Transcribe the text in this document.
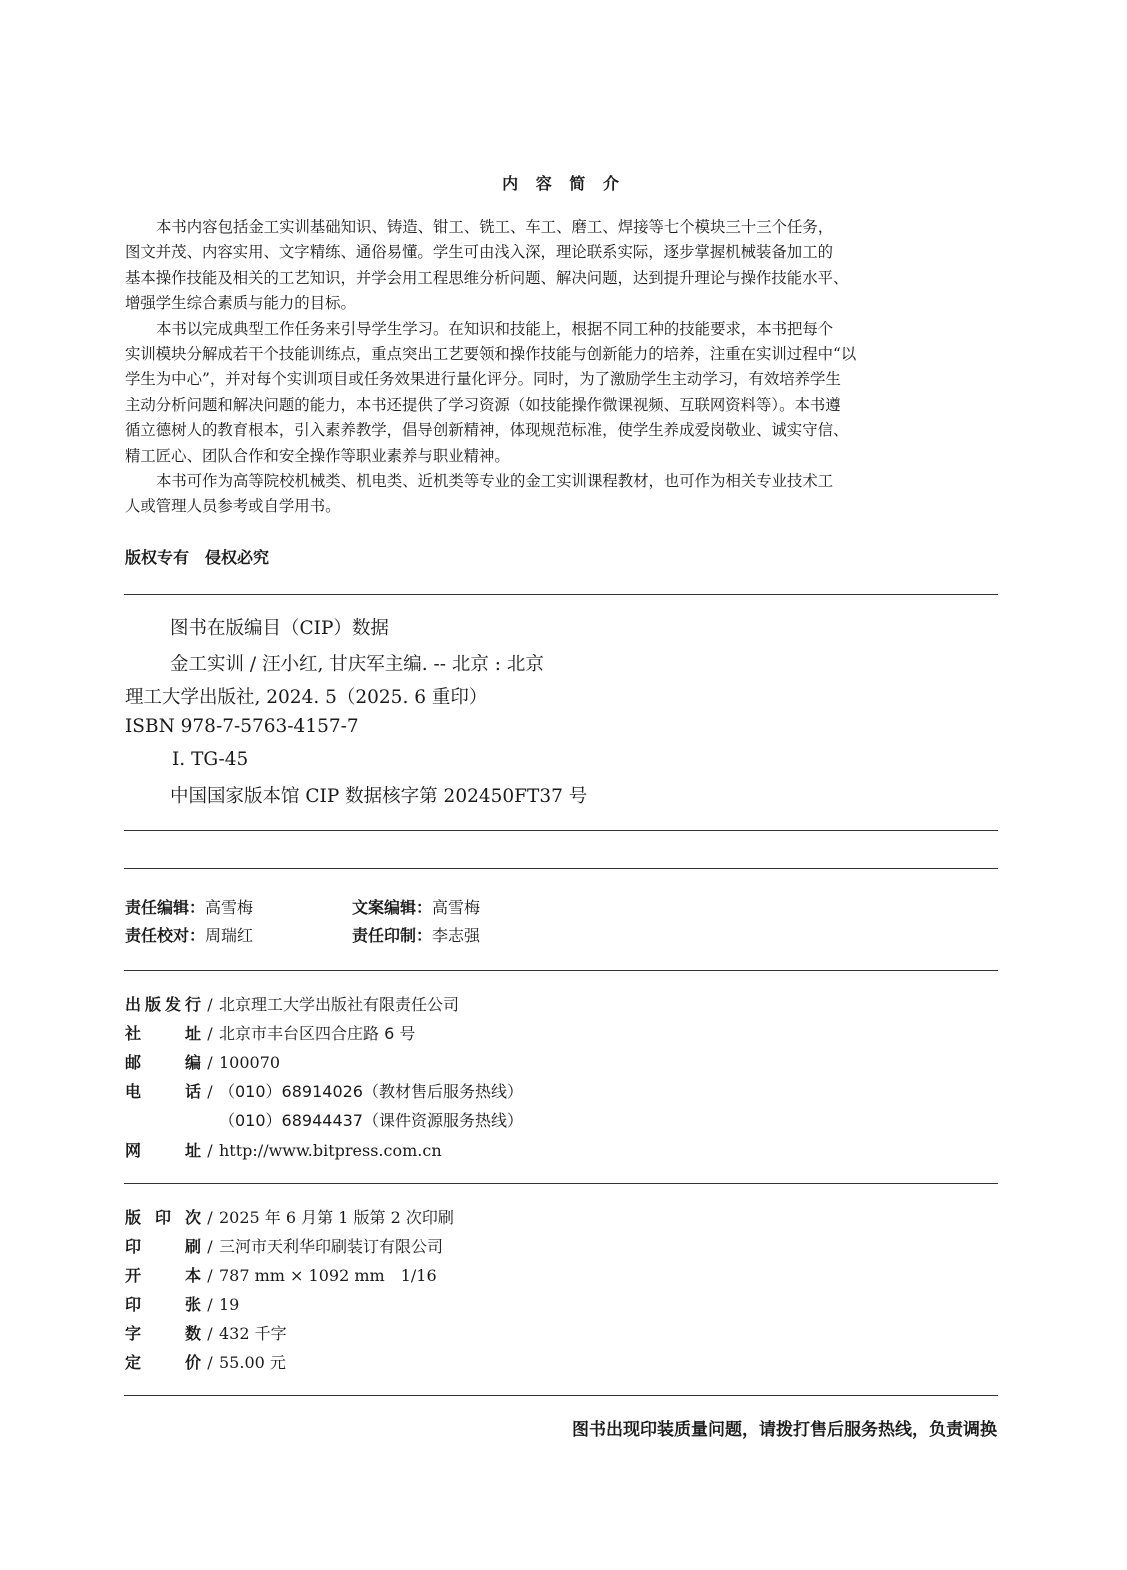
内 容 简 介
本书内容包括金工实训基础知识、铸造、钳工、铣工、车工、磨工、焊接等七个模块三十三个任务，
图文并茂、内容实用、文字精练、通俗易懂。学生可由浅入深，理论联系实际，逐步掌握机械装备加工的
基本操作技能及相关的工艺知识，并学会用工程思维分析问题、解决问题，达到提升理论与操作技能水平、
增强学生综合素质与能力的目标。
本书以完成典型工作任务来引导学生学习。在知识和技能上，根据不同工种的技能要求，本书把每个
实训模块分解成若干个技能训练点，重点突出工艺要领和操作技能与创新能力的培养，注重在实训过程中“以
学生为中心”，并对每个实训项目或任务效果进行量化评分。同时，为了激励学生主动学习，有效培养学生
主动分析问题和解决问题的能力，本书还提供了学习资源（如技能操作微课视频、互联网资料等）。本书遵
循立德树人的教育根本，引入素养教学，倡导创新精神，体现规范标准，使学生养成爱岗敬业、诚实守信、
精工匠心、团队合作和安全操作等职业素养与职业精神。
本书可作为高等院校机械类、机电类、近机类等专业的金工实训课程教材，也可作为相关专业技术工
人或管理人员参考或自学用书。
版权专有　侵权必究
图书在版编目（CIP）数据
金工实训 / 汪小红, 甘庆军主编. -- 北京 : 北京
理工大学出版社, 2024. 5（2025. 6 重印）
ISBN 978-7-5763-4157-7
Ⅰ. TG-45
中国国家版本馆 CIP 数据核字第 202450FT37 号
责任编辑：高雪梅	文案编辑：高雪梅
责任校对：周瑞红	责任印制：李志强
出版发行 / 北京理工大学出版社有限责任公司
社址 / 北京市丰台区四合庄路 6 号
邮编 / 100070
电话 / （010）68914026（教材售后服务热线）
（010）68944437（课件资源服务热线）
网址 / http://www.bitpress.com.cn
版印次 / 2025 年 6 月第 1 版第 2 次印刷
印刷 / 三河市天利华印刷装订有限公司
开本 / 787 mm × 1092 mm　1/16
印张 / 19
字数 / 432 千字
定价 / 55.00 元
图书出现印装质量问题，请拨打售后服务热线，负责调换
